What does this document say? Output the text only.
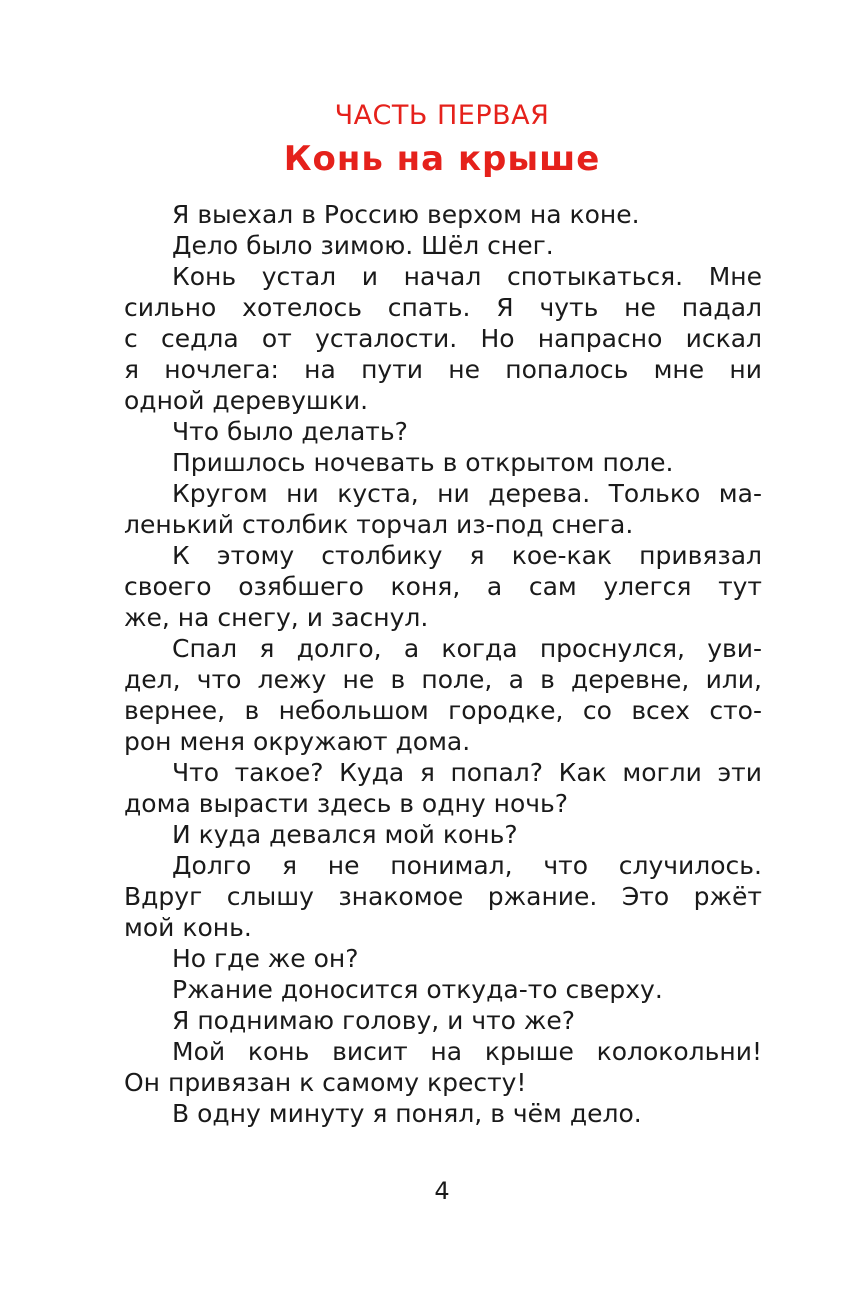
ЧАСТЬ ПЕРВАЯ
Конь на крыше
Я выехал в Россию верхом на коне.
Дело было зимою. Шёл снег.
Конь устал и начал спотыкаться. Мне
сильно хотелось спать. Я чуть не падал
с седла от усталости. Но напрасно искал
я ночлега: на пути не попалось мне ни
одной деревушки.
Что было делать?
Пришлось ночевать в открытом поле.
Кругом ни куста, ни дерева. Только ма-
ленький столбик торчал из-под снега.
К этому столбику я кое-как привязал
своего озябшего коня, а сам улегся тут
же, на снегу, и заснул.
Спал я долго, а когда проснулся, уви-
дел, что лежу не в поле, а в деревне, или,
вернее, в небольшом городке, со всех сто-
рон меня окружают дома.
Что такое? Куда я попал? Как могли эти
дома вырасти здесь в одну ночь?
И куда девался мой конь?
Долго я не понимал, что случилось.
Вдруг слышу знакомое ржание. Это ржёт
мой конь.
Но где же он?
Ржание доносится откуда-то сверху.
Я поднимаю голову, и что же?
Мой конь висит на крыше колокольни!
Он привязан к самому кресту!
В одну минуту я понял, в чём дело.
4
